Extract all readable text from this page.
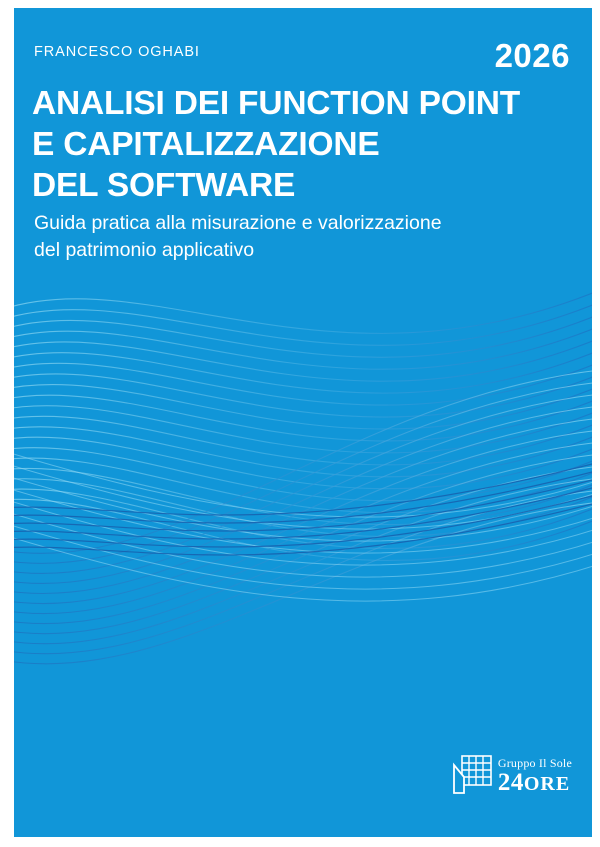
FRANCESCO OGHABI	2026
ANALISI DEI FUNCTION POINT
E CAPITALIZZAZIONE
DEL SOFTWARE
Guida pratica alla misurazione e valorizzazione
del patrimonio applicativo
Gruppo Il Sole
24ORE
